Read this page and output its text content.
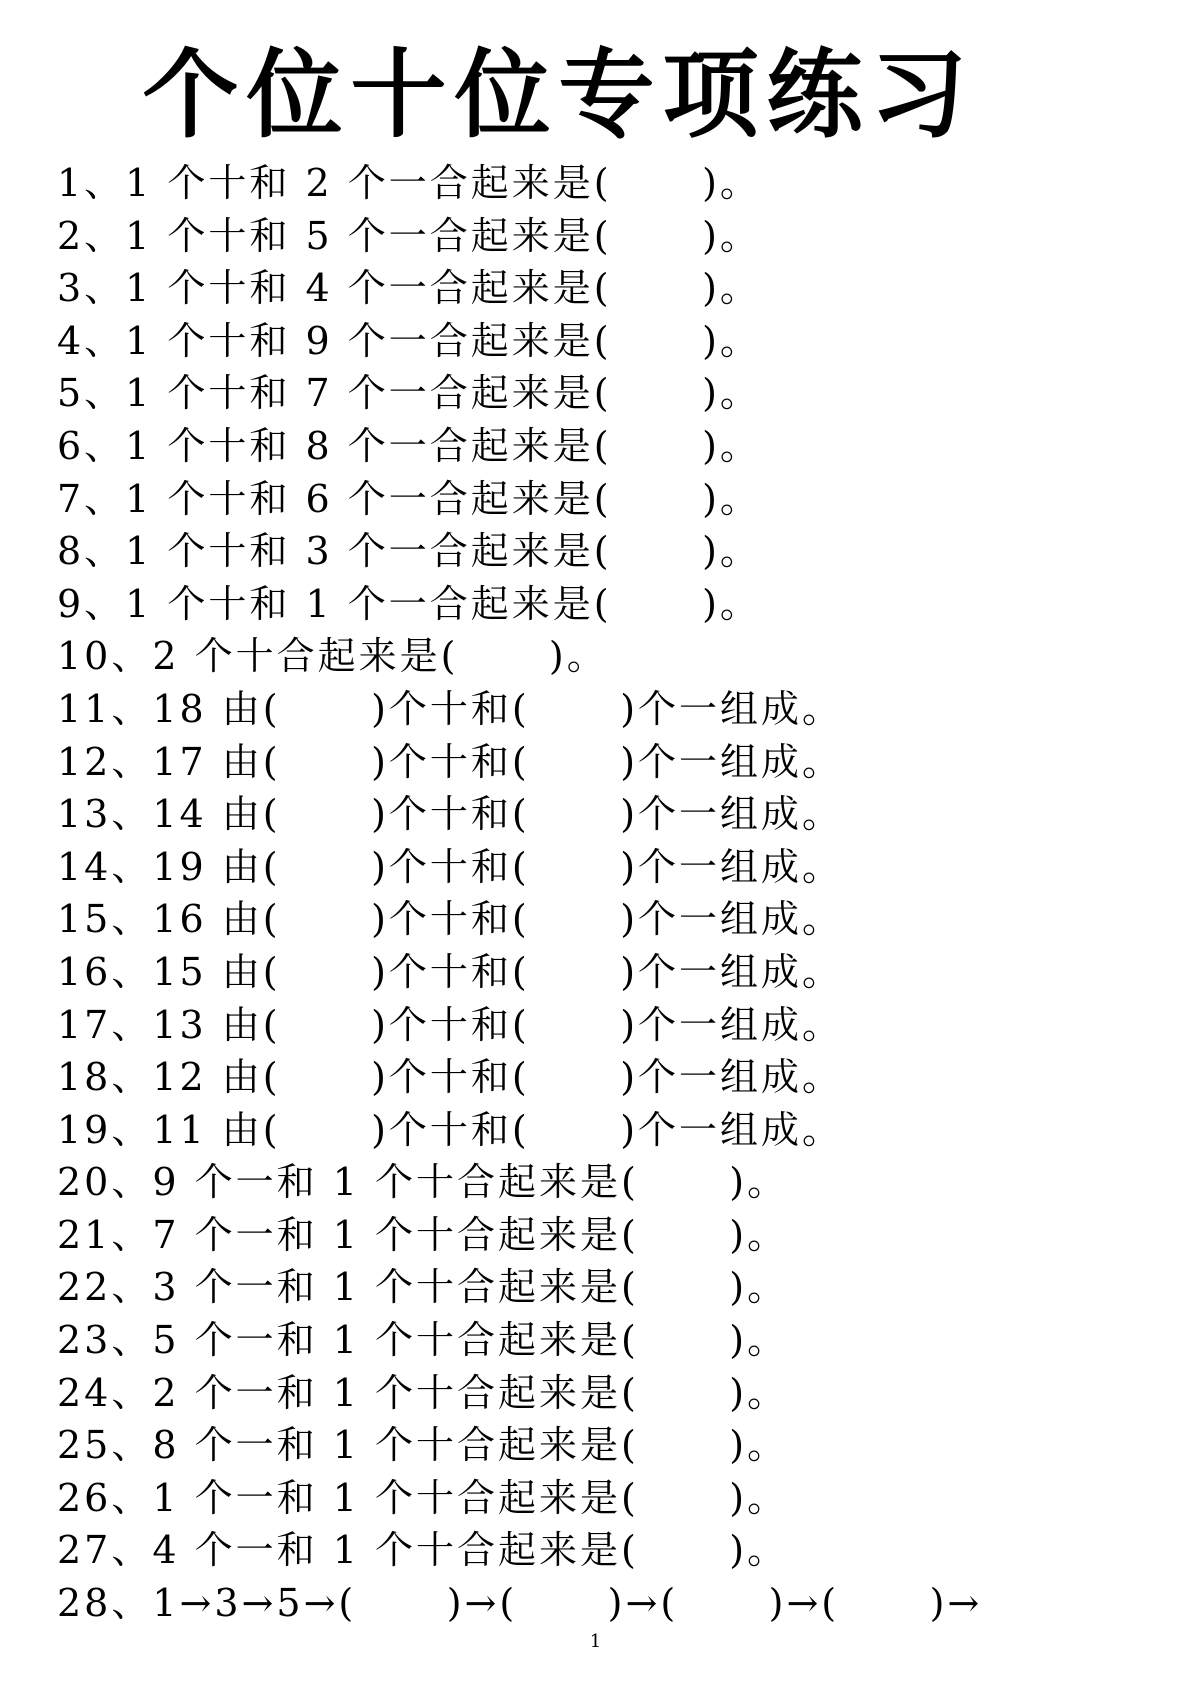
个位十位专项练习
1、1 个十和 2 个一合起来是(      )。
2、1 个十和 5 个一合起来是(      )。
3、1 个十和 4 个一合起来是(      )。
4、1 个十和 9 个一合起来是(      )。
5、1 个十和 7 个一合起来是(      )。
6、1 个十和 8 个一合起来是(      )。
7、1 个十和 6 个一合起来是(      )。
8、1 个十和 3 个一合起来是(      )。
9、1 个十和 1 个一合起来是(      )。
10、2 个十合起来是(      )。
11、18 由(      )个十和(      )个一组成。
12、17 由(      )个十和(      )个一组成。
13、14 由(      )个十和(      )个一组成。
14、19 由(      )个十和(      )个一组成。
15、16 由(      )个十和(      )个一组成。
16、15 由(      )个十和(      )个一组成。
17、13 由(      )个十和(      )个一组成。
18、12 由(      )个十和(      )个一组成。
19、11 由(      )个十和(      )个一组成。
20、9 个一和 1 个十合起来是(      )。
21、7 个一和 1 个十合起来是(      )。
22、3 个一和 1 个十合起来是(      )。
23、5 个一和 1 个十合起来是(      )。
24、2 个一和 1 个十合起来是(      )。
25、8 个一和 1 个十合起来是(      )。
26、1 个一和 1 个十合起来是(      )。
27、4 个一和 1 个十合起来是(      )。
28、1→3→5→(      )→(      )→(      )→(      )→
1
